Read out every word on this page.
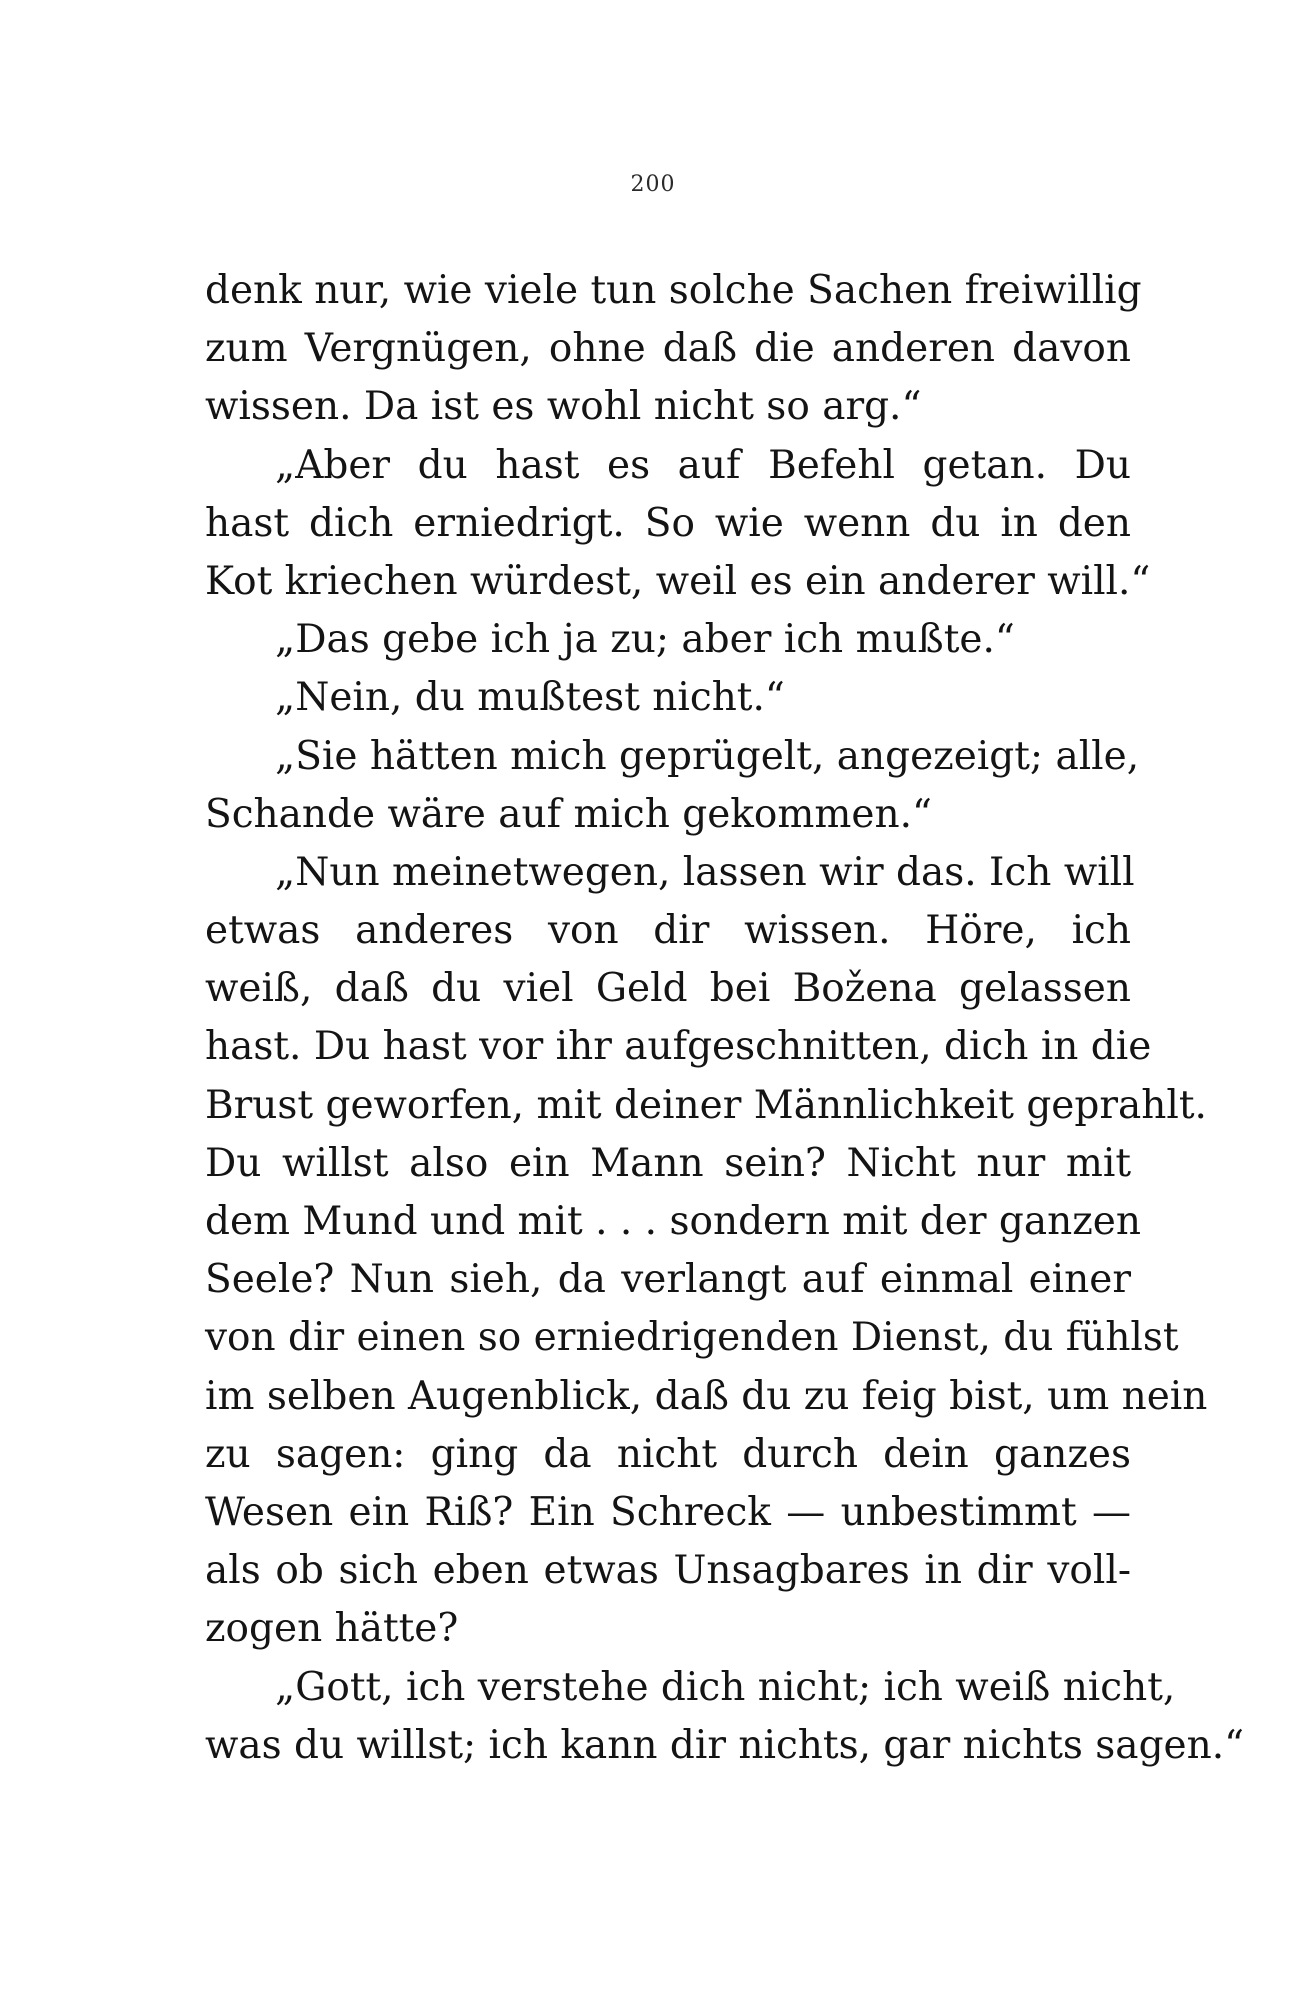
200
denk nur, wie viele tun solche Sachen freiwillig
zum Vergnügen, ohne daß die anderen davon
wissen. Da ist es wohl nicht so arg.“
„Aber du hast es auf Befehl getan. Du
hast dich erniedrigt. So wie wenn du in den
Kot kriechen würdest, weil es ein anderer will.“
„Das gebe ich ja zu; aber ich mußte.“
„Nein, du mußtest nicht.“
„Sie hätten mich geprügelt, angezeigt; alle,
Schande wäre auf mich gekommen.“
„Nun meinetwegen, lassen wir das. Ich will
etwas anderes von dir wissen. Höre, ich
weiß, daß du viel Geld bei Božena gelassen
hast. Du hast vor ihr aufgeschnitten, dich in die
Brust geworfen, mit deiner Männlichkeit geprahlt.
Du willst also ein Mann sein? Nicht nur mit
dem Mund und mit . . . sondern mit der ganzen
Seele? Nun sieh, da verlangt auf einmal einer
von dir einen so erniedrigenden Dienst, du fühlst
im selben Augenblick, daß du zu feig bist, um nein
zu sagen: ging da nicht durch dein ganzes
Wesen ein Riß? Ein Schreck — unbestimmt —
als ob sich eben etwas Unsagbares in dir voll-
zogen hätte?
„Gott, ich verstehe dich nicht; ich weiß nicht,
was du willst; ich kann dir nichts, gar nichts sagen.“
